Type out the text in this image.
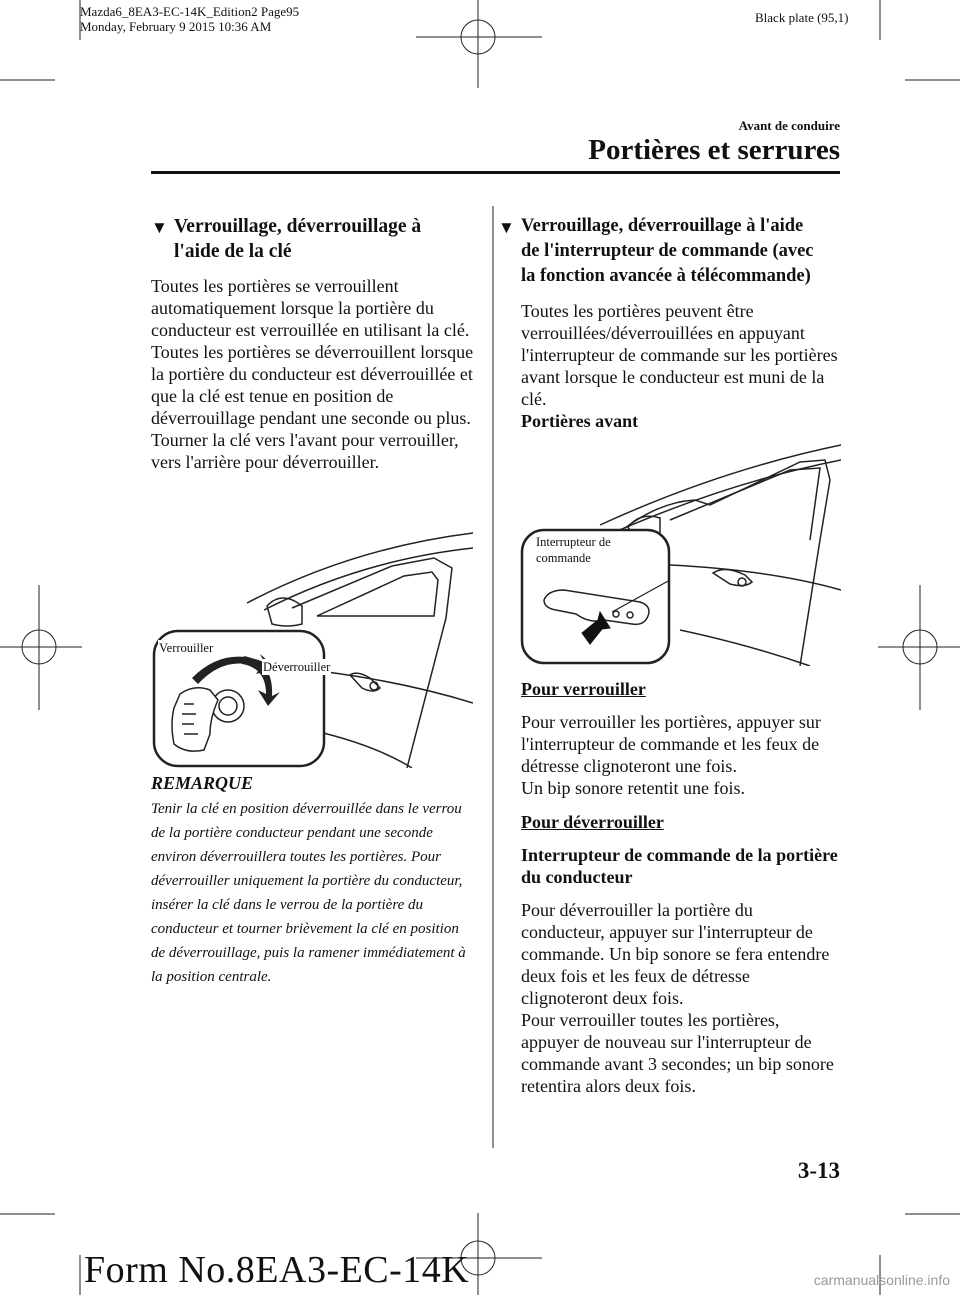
Mazda6_8EA3-EC-14K_Edition2 Page95
Monday, February 9 2015 10:36 AM
Black plate (95,1)
Avant de conduire
Portières et serrures
▼ Verrouillage, déverrouillage à
l'aide de la clé

Toutes les portières se verrouillent automatiquement lorsque la portière du conducteur est verrouillée en utilisant la clé.

Toutes les portières se déverrouillent lorsque la portière du conducteur est déverrouillée et que la clé est tenue en position de déverrouillage pendant une seconde ou plus.

Tourner la clé vers l'avant pour verrouiller, vers l'arrière pour déverrouiller.

Verrouiller
Déverrouiller
REMARQUE
Tenir la clé en position déverrouillée dans le verrou de la portière conducteur pendant une seconde environ déverrouillera toutes les portières. Pour déverrouiller uniquement la portière du conducteur, insérer la clé dans le verrou de la portière du conducteur et tourner brièvement la clé en position de déverrouillage, puis la ramener immédiatement à la position centrale.
▼ Verrouillage, déverrouillage à l'aide
de l'interrupteur de commande (avec
la fonction avancée à télécommande)

Toutes les portières peuvent être verrouillées/déverrouillées en appuyant l'interrupteur de commande sur les portières avant lorsque le conducteur est muni de la clé.

Portières avant

Interrupteur de
commande

Pour verrouiller

Pour verrouiller les portières, appuyer sur l'interrupteur de commande et les feux de détresse clignoteront une fois.

Un bip sonore retentit une fois.

Pour déverrouiller

Interrupteur de commande de la portière du conducteur

Pour déverrouiller la portière du conducteur, appuyer sur l'interrupteur de commande. Un bip sonore se fera entendre deux fois et les feux de détresse clignoteront deux fois.

Pour verrouiller toutes les portières, appuyer de nouveau sur l'interrupteur de commande avant 3 secondes; un bip sonore retentira alors deux fois.

3-13
Form No.8EA3-EC-14K	carmanualsonline.info
